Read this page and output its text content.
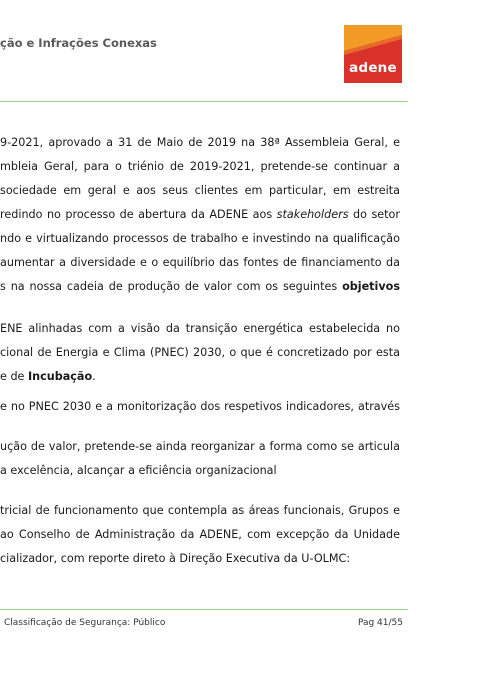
ção e Infrações Conexas
adene
9-2021, aprovado a 31 de Maio de 2019 na 38ª Assembleia Geral, e
mbleia Geral, para o triénio de 2019-2021, pretende-se continuar a
sociedade em geral e aos seus clientes em particular, em estreita
redindo no processo de abertura da ADENE aos stakeholders do setor
ndo e virtualizando processos de trabalho e investindo na qualificação
aumentar a diversidade e o equilíbrio das fontes de financiamento da
s na nossa cadeia de produção de valor com os seguintes objetivos
ENE alinhadas com a visão da transição energética estabelecida no
cional de Energia e Clima (PNEC) 2030, o que é concretizado por esta
e de Incubação.
e no PNEC 2030 e a monitorização dos respetivos indicadores, através
ução de valor, pretende-se ainda reorganizar a forma como se articula
a excelência, alcançar a eficiência organizacional
tricial de funcionamento que contempla as áreas funcionais, Grupos e
ao Conselho de Administração da ADENE, com excepção da Unidade
cializador, com reporte direto à Direção Executiva da U-OLMC:
Classificação de Segurança: Público	Pag 41/55
